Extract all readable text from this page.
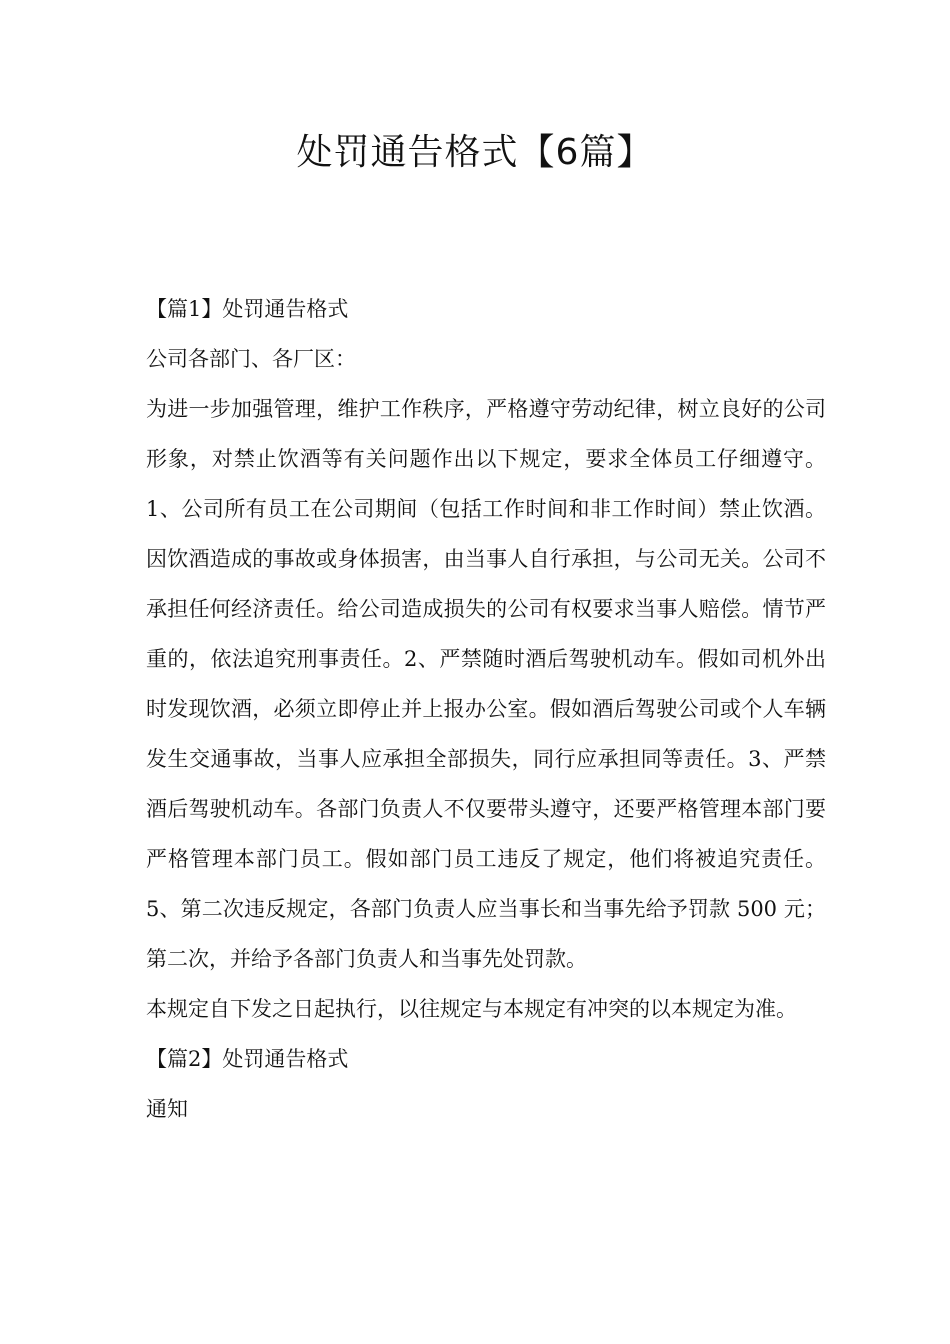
处罚通告格式【6篇】

【篇1】处罚通告格式

公司各部门、各厂区：

为进一步加强管理，维护工作秩序，严格遵守劳动纪律，树立良好的公司形象，对禁止饮酒等有关问题作出以下规定，要求全体员工仔细遵守。1、公司所有员工在公司期间（包括工作时间和非工作时间）禁止饮酒。因饮酒造成的事故或身体损害，由当事人自行承担，与公司无关。公司不承担任何经济责任。给公司造成损失的公司有权要求当事人赔偿。情节严重的，依法追究刑事责任。2、严禁随时酒后驾驶机动车。假如司机外出时发现饮酒，必须立即停止并上报办公室。假如酒后驾驶公司或个人车辆发生交通事故，当事人应承担全部损失，同行应承担同等责任。3、严禁酒后驾驶机动车。各部门负责人不仅要带头遵守，还要严格管理本部门要严格管理本部门员工。假如部门员工违反了规定，他们将被追究责任。5、第二次违反规定，各部门负责人应当事长和当事先给予罚款 500 元；第二次，并给予各部门负责人和当事先处罚款。

本规定自下发之日起执行，以往规定与本规定有冲突的以本规定为准。

【篇2】处罚通告格式

通知
